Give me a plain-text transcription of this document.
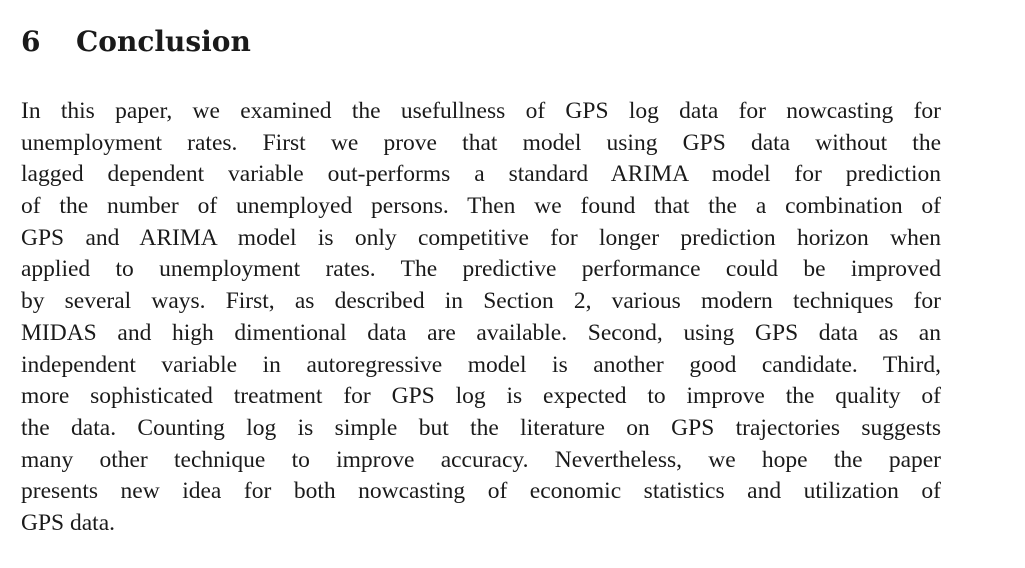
6 Conclusion
In this paper, we examined the usefullness of GPS log data for nowcasting for
unemployment rates. First we prove that model using GPS data without the
lagged dependent variable out-performs a standard ARIMA model for prediction
of the number of unemployed persons. Then we found that the a combination of
GPS and ARIMA model is only competitive for longer prediction horizon when
applied to unemployment rates. The predictive performance could be improved
by several ways. First, as described in Section 2, various modern techniques for
MIDAS and high dimentional data are available. Second, using GPS data as an
independent variable in autoregressive model is another good candidate. Third,
more sophisticated treatment for GPS log is expected to improve the quality of
the data. Counting log is simple but the literature on GPS trajectories suggests
many other technique to improve accuracy. Nevertheless, we hope the paper
presents new idea for both nowcasting of economic statistics and utilization of
GPS data.
